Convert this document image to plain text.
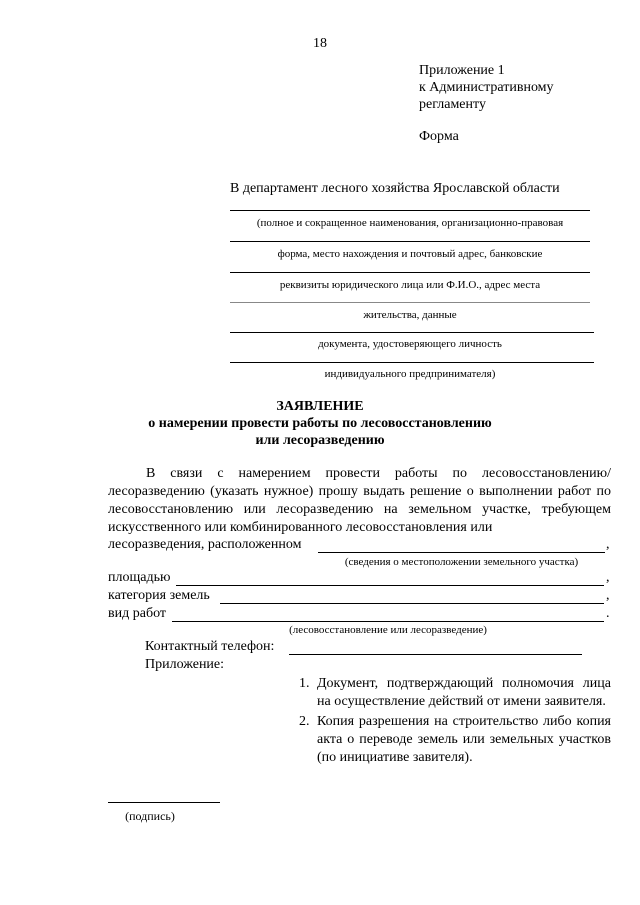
18
Приложение 1
к Административному
регламенту
Форма
В департамент лесного хозяйства Ярославской области
(полное и сокращенное наименования, организационно-правовая
форма, место нахождения и почтовый адрес, банковские
реквизиты юридического лица или Ф.И.О., адрес места
жительства, данные
документа, удостоверяющего личность
индивидуального предпринимателя)
ЗАЯВЛЕНИЕ
о намерении провести работы по лесовосстановлению
или лесоразведению
В связи с намерением провести работы по лесовосстановлению/ лесоразведению (указать нужное) прошу выдать решение о выполнении работ по лесовосстановлению или лесоразведению на земельном участке, требующем искусственного или комбинированного лесовосстановления или
лесоразведения, расположенном	,
(сведения о местоположении земельного участка)
площадью	,
категория земель	,
вид работ	.
(лесовосстановление или лесоразведение)
Контактный телефон:
Приложение:
1. Документ, подтверждающий полномочия лица на осуществление действий от имени заявителя.
2. Копия разрешения на строительство либо копия акта о переводе земель или земельных участков (по инициативе завителя).
(подпись)
